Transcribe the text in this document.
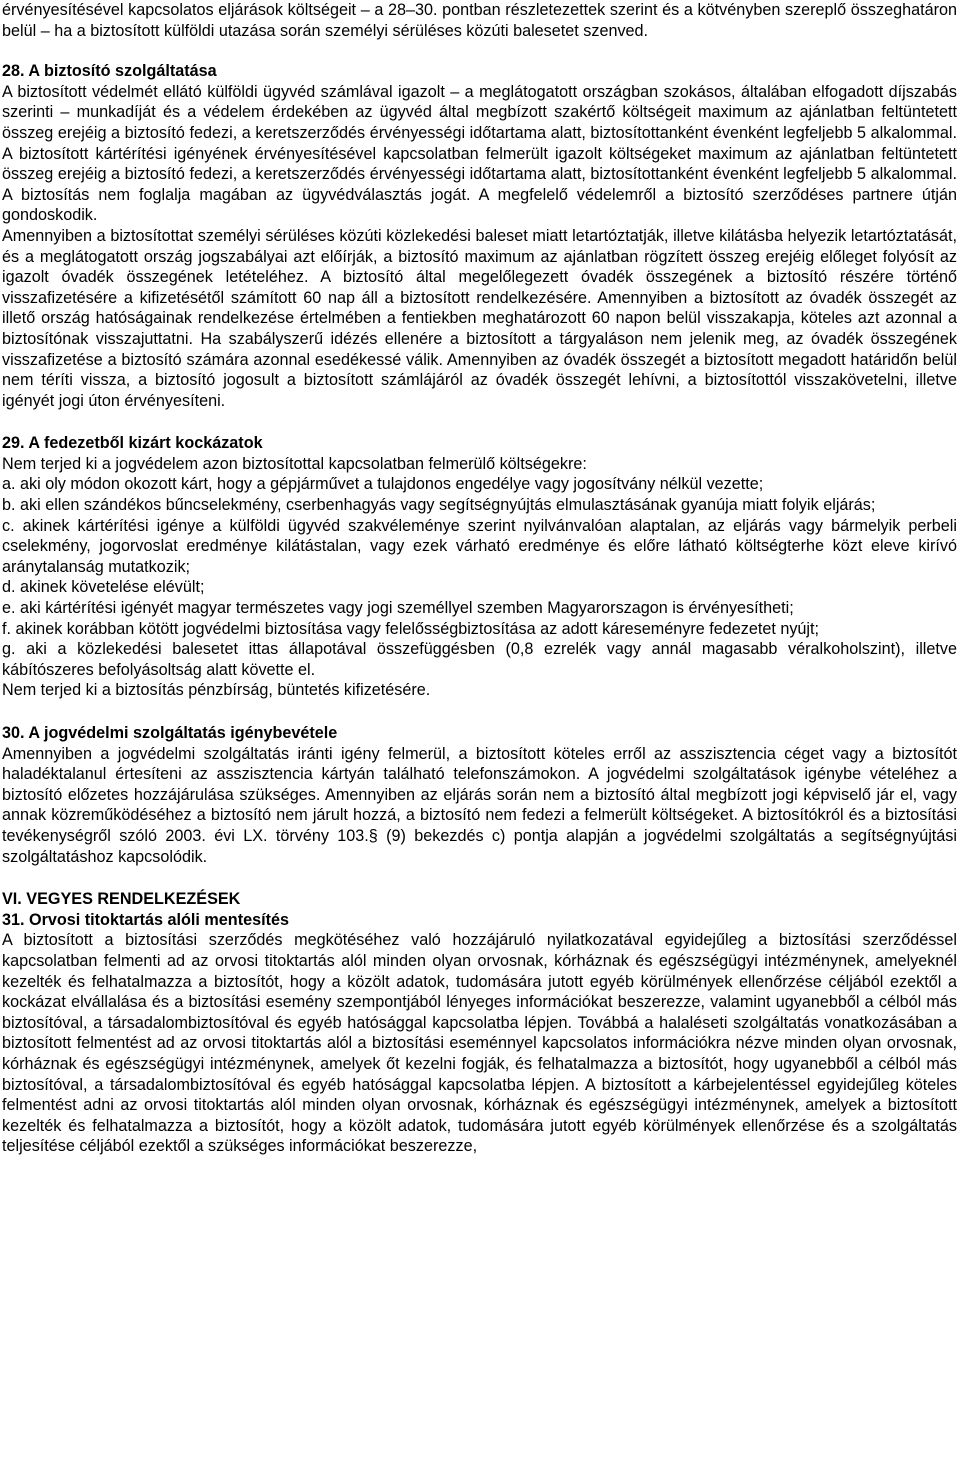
érvényesítésével kapcsolatos eljárások költségeit – a 28–30. pontban részletezettek szerint és a kötvényben szereplő összeghatáron belül – ha a biztosított külföldi utazása során személyi sérüléses közúti balesetet szenved.

28. A biztosító szolgáltatása

A biztosított védelmét ellátó külföldi ügyvéd számlával igazolt – a meglátogatott országban szokásos, általában elfogadott díjszabás szerinti – munkadíját és a védelem érdekében az ügyvéd által megbízott szakértő költségeit maximum az ajánlatban feltüntetett összeg erejéig a biztosító fedezi, a keretszerződés érvényességi időtartama alatt, biztosítottanként évenként legfeljebb 5 alkalommal. A biztosított kártérítési igényének érvényesítésével kapcsolatban felmerült igazolt költségeket maximum az ajánlatban feltüntetett összeg erejéig a biztosító fedezi, a keretszerződés érvényességi időtartama alatt, biztosítottanként évenként legfeljebb 5 alkalommal. A biztosítás nem foglalja magában az ügyvédválasztás jogát. A megfelelő védelemről a biztosító szerződéses partnere útján gondoskodik.

Amennyiben a biztosítottat személyi sérüléses közúti közlekedési baleset miatt letartóztatják, illetve kilátásba helyezik letartóztatását, és a meglátogatott ország jogszabályai azt előírják, a biztosító maximum az ajánlatban rögzített összeg erejéig előleget folyósít az igazolt óvadék összegének letételéhez. A biztosító által megelőlegezett óvadék összegének a biztosító részére történő visszafizetésére a kifizetésétől számított 60 nap áll a biztosított rendelkezésére. Amennyiben a biztosított az óvadék összegét az illető ország hatóságainak rendelkezése értelmében a fentiekben meghatározott 60 napon belül visszakapja, köteles azt azonnal a biztosítónak visszajuttatni. Ha szabályszerű idézés ellenére a biztosított a tárgyaláson nem jelenik meg, az óvadék összegének visszafizetése a biztosító számára azonnal esedékessé válik. Amennyiben az óvadék összegét a biztosított megadott határidőn belül nem téríti vissza, a biztosító jogosult a biztosított számlájáról az óvadék összegét lehívni, a biztosítottól visszakövetelni, illetve igényét jogi úton érvényesíteni.

29. A fedezetből kizárt kockázatok

Nem terjed ki a jogvédelem azon biztosítottal kapcsolatban felmerülő költségekre:

a. aki oly módon okozott kárt, hogy a gépjárművet a tulajdonos engedélye vagy jogosítvány nélkül vezette;

b. aki ellen szándékos bűncselekmény, cserbenhagyás vagy segítségnyújtás elmulasztásának gyanúja miatt folyik eljárás;

c. akinek kártérítési igénye a külföldi ügyvéd szakvéleménye szerint nyilvánvalóan alaptalan, az eljárás vagy bármelyik perbeli cselekmény, jogorvoslat eredménye kilátástalan, vagy ezek várható eredménye és előre látható költségterhe közt eleve kirívó aránytalanság mutatkozik;

d. akinek követelése elévült;

e. aki kártérítési igényét magyar természetes vagy jogi személlyel szemben Magyarorszagon is érvényesítheti;

f. akinek korábban kötött jogvédelmi biztosítása vagy felelősségbiztosítása az adott káreseményre fedezetet nyújt;

g. aki a közlekedési balesetet ittas állapotával összefüggésben (0,8 ezrelék vagy annál magasabb véralkoholszint), illetve kábítószeres befolyásoltság alatt követte el.

Nem terjed ki a biztosítás pénzbírság, büntetés kifizetésére.

30. A jogvédelmi szolgáltatás igénybevétele

Amennyiben a jogvédelmi szolgáltatás iránti igény felmerül, a biztosított köteles erről az asszisztencia céget vagy a biztosítót haladéktalanul értesíteni az asszisztencia kártyán található telefonszámokon. A jogvédelmi szolgáltatások igénybe vételéhez a biztosító előzetes hozzájárulása szükséges. Amennyiben az eljárás során nem a biztosító által megbízott jogi képviselő jár el, vagy annak közreműködéséhez a biztosító nem járult hozzá, a biztosító nem fedezi a felmerült költségeket. A biztosítókról és a biztosítási tevékenységről szóló 2003. évi LX. törvény 103.§ (9) bekezdés c) pontja alapján a jogvédelmi szolgáltatás a segítségnyújtási szolgáltatáshoz kapcsolódik.

VI. VEGYES RENDELKEZÉSEK

31. Orvosi titoktartás alóli mentesítés

A biztosított a biztosítási szerződés megkötéséhez való hozzájáruló nyilatkozatával egyidejűleg a biztosítási szerződéssel kapcsolatban felmenti ad az orvosi titoktartás alól minden olyan orvosnak, kórháznak és egészségügyi intézménynek, amelyeknél kezelték és felhatalmazza a biztosítót, hogy a közölt adatok, tudomására jutott egyéb körülmények ellenőrzése céljából ezektől a kockázat elvállalása és a biztosítási esemény szempontjából lényeges információkat beszerezze, valamint ugyanebből a célból más biztosítóval, a társadalombiztosítóval és egyéb hatósággal kapcsolatba lépjen. Továbbá a halaléseti szolgáltatás vonatkozásában a biztosított felmentést ad az orvosi titoktartás alól a biztosítási eseménnyel kapcsolatos információkra nézve minden olyan orvosnak, kórháznak és egészségügyi intézménynek, amelyek őt kezelni fogják, és felhatalmazza a biztosítót, hogy ugyanebből a célból más biztosítóval, a társadalombiztosítóval és egyéb hatósággal kapcsolatba lépjen. A biztosított a kárbejelentéssel egyidejűleg köteles felmentést adni az orvosi titoktartás alól minden olyan orvosnak, kórháznak és egészségügyi intézménynek, amelyek a biztosított kezelték és felhatalmazza a biztosítót, hogy a közölt adatok, tudomására jutott egyéb körülmények ellenőrzése és a szolgáltatás teljesítése céljából ezektől a szükséges információkat beszerezze,
